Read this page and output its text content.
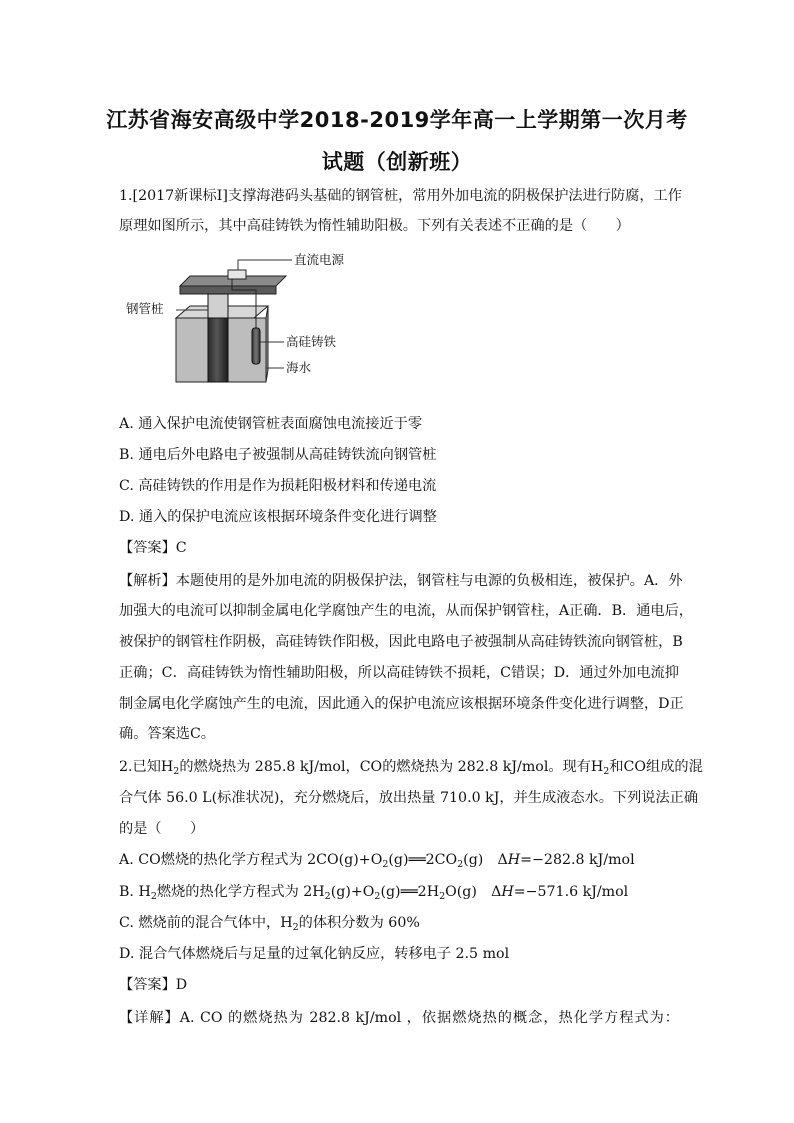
江苏省海安高级中学2018-2019学年高一上学期第一次月考
试题（创新班）
1.[2017新课标Ⅰ]支撑海港码头基础的钢管桩，常用外加电流的阴极保护法进行防腐，工作
原理如图所示，其中高硅铸铁为惰性辅助阳极。下列有关表述不正确的是（　　）
直流电源
钢管桩
高硅铸铁
海水
A. 通入保护电流使钢管桩表面腐蚀电流接近于零
B. 通电后外电路电子被强制从高硅铸铁流向钢管桩
C. 高硅铸铁的作用是作为损耗阳极材料和传递电流
D. 通入的保护电流应该根据环境条件变化进行调整
【答案】C
【解析】本题使用的是外加电流的阴极保护法，钢管柱与电源的负极相连，被保护。A．外
加强大的电流可以抑制金属电化学腐蚀产生的电流，从而保护钢管柱，A正确．B．通电后，
被保护的钢管柱作阴极，高硅铸铁作阳极，因此电路电子被强制从高硅铸铁流向钢管桩，B
正确；C．高硅铸铁为惰性辅助阳极，所以高硅铸铁不损耗，C错误；D．通过外加电流抑
制金属电化学腐蚀产生的电流，因此通入的保护电流应该根据环境条件变化进行调整，D正
确。答案选C。
2.已知$H_2$的燃烧热为 285.8 kJ/mol，CO的燃烧热为 282.8 kJ/mol。现有$H_2$和CO组成的混
合气体 56.0 L(标准状况)，充分燃烧后，放出热量 710.0 kJ，并生成液态水。下列说法正确
的是（　　）
A. CO燃烧的热化学方程式为 $2CO(g)+O_2(g)══2CO_2(g)$　ΔH=−282.8 kJ/mol
B. $H_2$燃烧的热化学方程式为 $2H_2(g)+O_2(g)══2H_2O(g)$　ΔH=−571.6 kJ/mol
C. 燃烧前的混合气体中，$H_2$的体积分数为 60%
D. 混合气体燃烧后与足量的过氧化钠反应，转移电子 2.5 mol
【答案】D
【详解】A. CO 的燃烧热为 282.8 kJ/mol ，依据燃烧热的概念，热化学方程式为：
